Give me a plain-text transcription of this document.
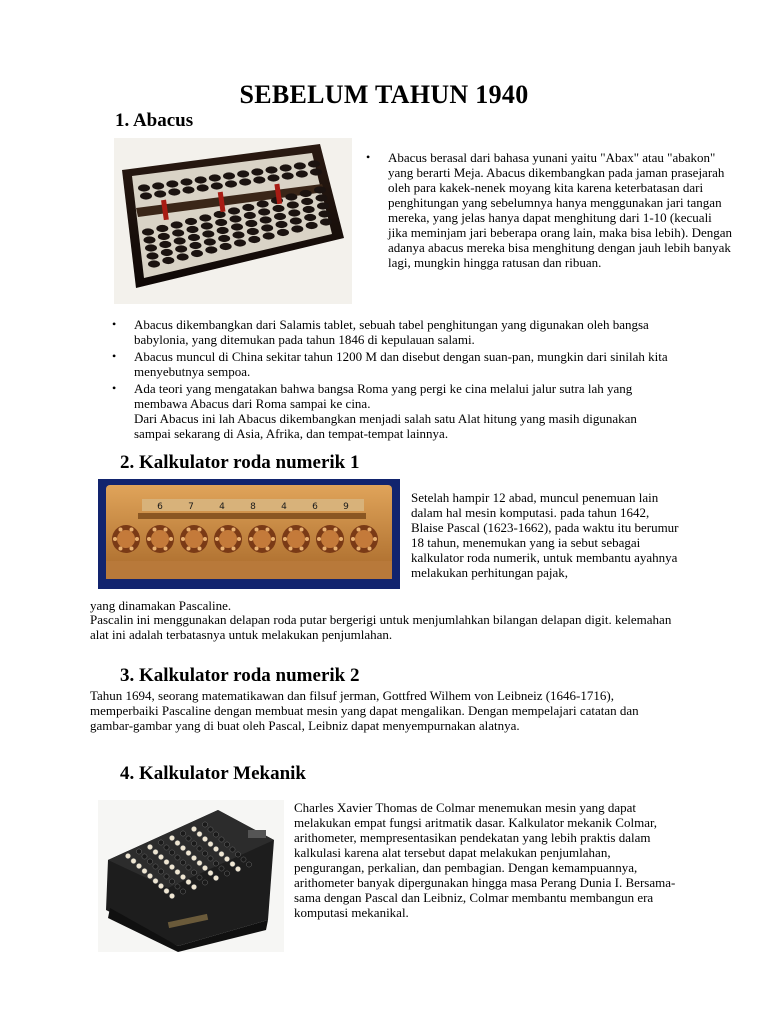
SEBELUM TAHUN 1940
1. Abacus
• Abacus berasal dari bahasa yunani yaitu "Abax" atau "abakon" yang berarti Meja. Abacus dikembangkan pada jaman prasejarah oleh para kakek-nenek moyang kita karena keterbatasan dari penghitungan yang sebelumnya hanya menggunakan jari tangan mereka, yang jelas hanya dapat menghitung dari 1-10 (kecuali jika meminjam jari beberapa orang lain, maka bisa lebih). Dengan adanya abacus mereka bisa menghitung dengan jauh lebih banyak lagi, mungkin hingga ratusan dan ribuan.
• Abacus dikembangkan dari Salamis tablet, sebuah tabel penghitungan yang digunakan oleh bangsa babylonia, yang ditemukan pada tahun 1846 di kepulauan salami.
• Abacus muncul di China sekitar tahun 1200 M dan disebut dengan suan-pan, mungkin dari sinilah kita menyebutnya sempoa.
• Ada teori yang mengatakan bahwa bangsa Roma yang pergi ke cina melalui jalur sutra lah yang membawa Abacus dari Roma sampai ke cina.
Dari Abacus ini lah Abacus dikembangkan menjadi salah satu Alat hitung yang masih digunakan sampai sekarang di Asia, Afrika, dan tempat-tempat lainnya.
2. Kalkulator roda numerik 1
6	7	4	8	4	6	9
Setelah hampir 12 abad, muncul penemuan lain dalam hal mesin komputasi. pada tahun 1642, Blaise Pascal (1623-1662), pada waktu itu berumur 18 tahun, menemukan yang ia sebut sebagai kalkulator roda numerik, untuk membantu ayahnya melakukan perhitungan pajak,
yang dinamakan Pascaline.
Pascalin ini menggunakan delapan roda putar bergerigi untuk menjumlahkan bilangan delapan digit. kelemahan alat ini adalah terbatasnya untuk melakukan penjumlahan.
3. Kalkulator roda numerik 2
Tahun 1694, seorang matematikawan dan filsuf jerman, Gottfred Wilhem von Leibneiz (1646-1716), memperbaiki Pascaline dengan membuat mesin yang dapat mengalikan. Dengan mempelajari catatan dan gambar-gambar yang di buat oleh Pascal, Leibniz dapat menyempurnakan alatnya.
4. Kalkulator Mekanik
Charles Xavier Thomas de Colmar menemukan mesin yang dapat melakukan empat fungsi aritmatik dasar. Kalkulator mekanik Colmar, arithometer, mempresentasikan pendekatan yang lebih praktis dalam kalkulasi karena alat tersebut dapat melakukan penjumlahan, pengurangan, perkalian, dan pembagian. Dengan kemampuannya, arithometer banyak dipergunakan hingga masa Perang Dunia I. Bersama-sama dengan Pascal dan Leibniz, Colmar membantu membangun era komputasi mekanikal.
